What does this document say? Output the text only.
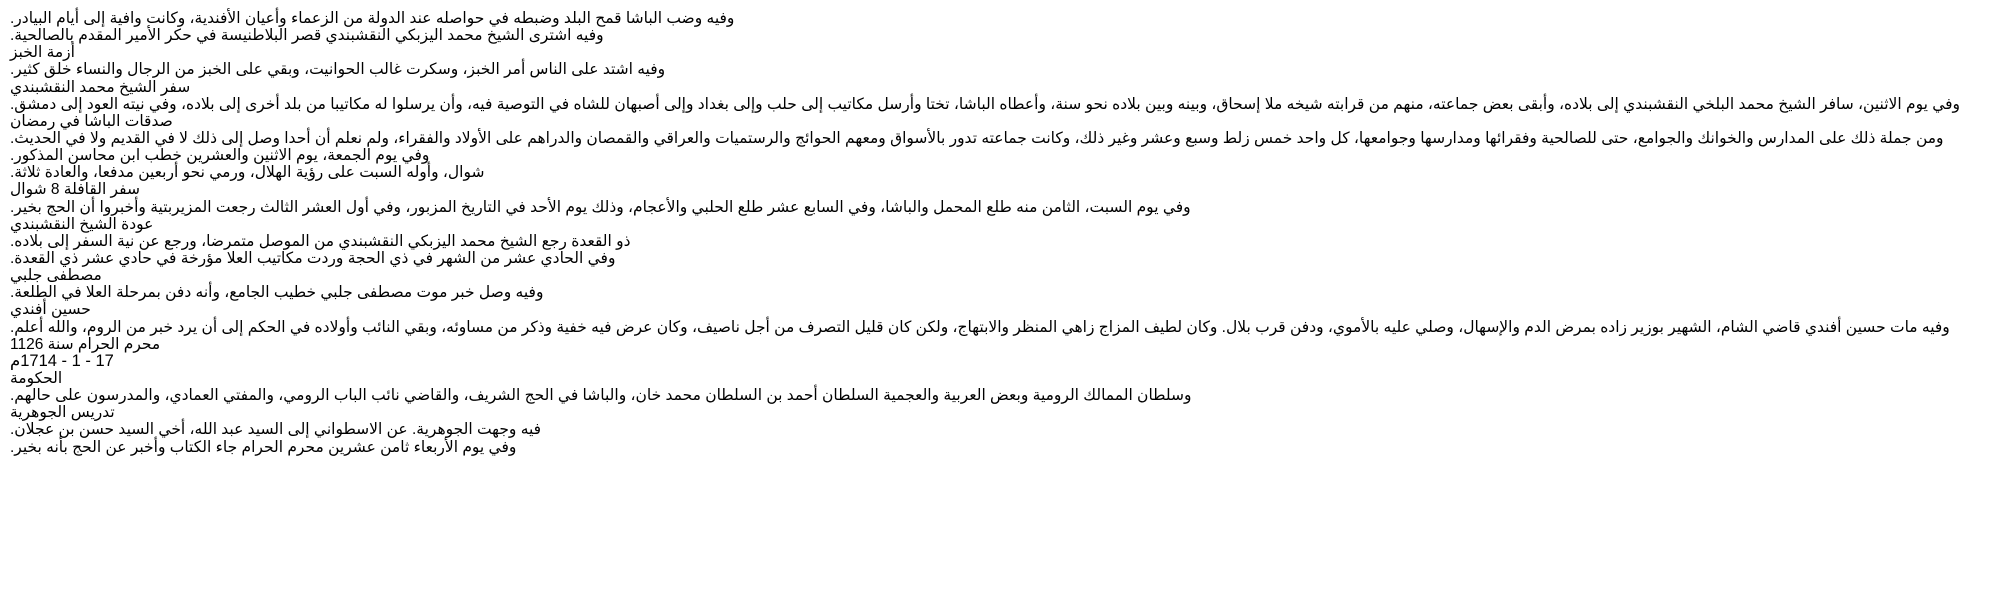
وفيه وضب الباشا قمح البلد وضبطه في حواصله عند الدولة من الزعماء وأعيان الأفندية، وكانت وافية إلى أيام البيادر.
وفيه اشترى الشيخ محمد اليزبكي النقشبندي قصر البلاطنيسة في حكر الأمير المقدم بالصالحية.
أزمة الخبز
وفيه اشتد على الناس أمر الخبز، وسكرت غالب الحوانيت، وبقي على الخبز من الرجال والنساء خلق كثير.
سفر الشيخ محمد النقشبندي
وفي يوم الاثنين، سافر الشيخ محمد البلخي النقشبندي إلى بلاده، وأبقى بعض جماعته، منهم من قرابته شيخه ملا إسحاق، وبينه وبين بلاده نحو سنة، وأعطاه الباشا، تختا وأرسل مكاتيب إلى حلب وإلى بغداد وإلى أصبهان للشاه في التوصية فيه، وأن يرسلوا له مكاتيبا من بلد أخرى إلى بلاده، وفي نيته العود إلى دمشق.
صدقات الباشا في رمضان
ومن جملة ذلك على المدارس والخوانك والجوامع، حتى للصالحية وفقرائها ومدارسها وجوامعها، كل واحد خمس زلط وسبع وعشر وغير ذلك، وكانت جماعته تدور بالأسواق ومعهم الحوائج والرستميات والعراقي والقمصان والدراهم على الأولاد والفقراء، ولم نعلم أن أحدا وصل إلى ذلك لا في القديم ولا في الحديث.
وفي يوم الجمعة، يوم الاثنين والعشرين خطب ابن محاسن المذكور.
شوال، وأوله السبت على رؤية الهلال، ورمي نحو أربعين مدفعا، والعادة ثلاثة.
سفر القافلة 8 شوال
وفي يوم السبت، الثامن منه طلع المحمل والباشا، وفي السابع عشر طلع الحلبي والأعجام، وذلك يوم الأحد في التاريخ المزبور، وفي أول العشر الثالث رجعت المزيربتية وأخبروا أن الحج بخير.
عودة الشيخ النقشبندي
ذو القعدة رجع الشيخ محمد اليزبكي النقشبندي من الموصل متمرضا، ورجع عن نية السفر إلى بلاده.
وفي الحادي عشر من الشهر في ذي الحجة وردت مكاتيب العلا مؤرخة في حادي عشر ذي القعدة.
مصطفى جلبي
وفيه وصل خبر موت مصطفى جلبي خطيب الجامع، وأنه دفن بمرحلة العلا في الطلعة.
حسين أفندي
وفيه مات حسين أفندي قاضي الشام، الشهير بوزير زاده بمرض الدم والإسهال، وصلي عليه بالأموي، ودفن قرب بلال. وكان لطيف المزاج زاهي المنظر والابتهاج، ولكن كان قليل التصرف من أجل ناصيف، وكان عرض فيه خفية وذكر من مساوئه، وبقي النائب وأولاده في الحكم إلى أن يرد خبر من الروم، والله أعلم.
محرم الحرام سنة 1126
17 - 1 - 1714م
الحكومة
وسلطان الممالك الرومية وبعض العربية والعجمية السلطان أحمد بن السلطان محمد خان، والباشا في الحج الشريف، والقاضي نائب الباب الرومي، والمفتي العمادي، والمدرسون على حالهم.
تدريس الجوهرية
فيه وجهت الجوهرية. عن الاسطواني إلى السيد عبد الله، أخي السيد حسن بن عجلان.
وفي يوم الأربعاء ثامن عشرين محرم الحرام جاء الكتاب وأخبر عن الحج بأنه بخير.
